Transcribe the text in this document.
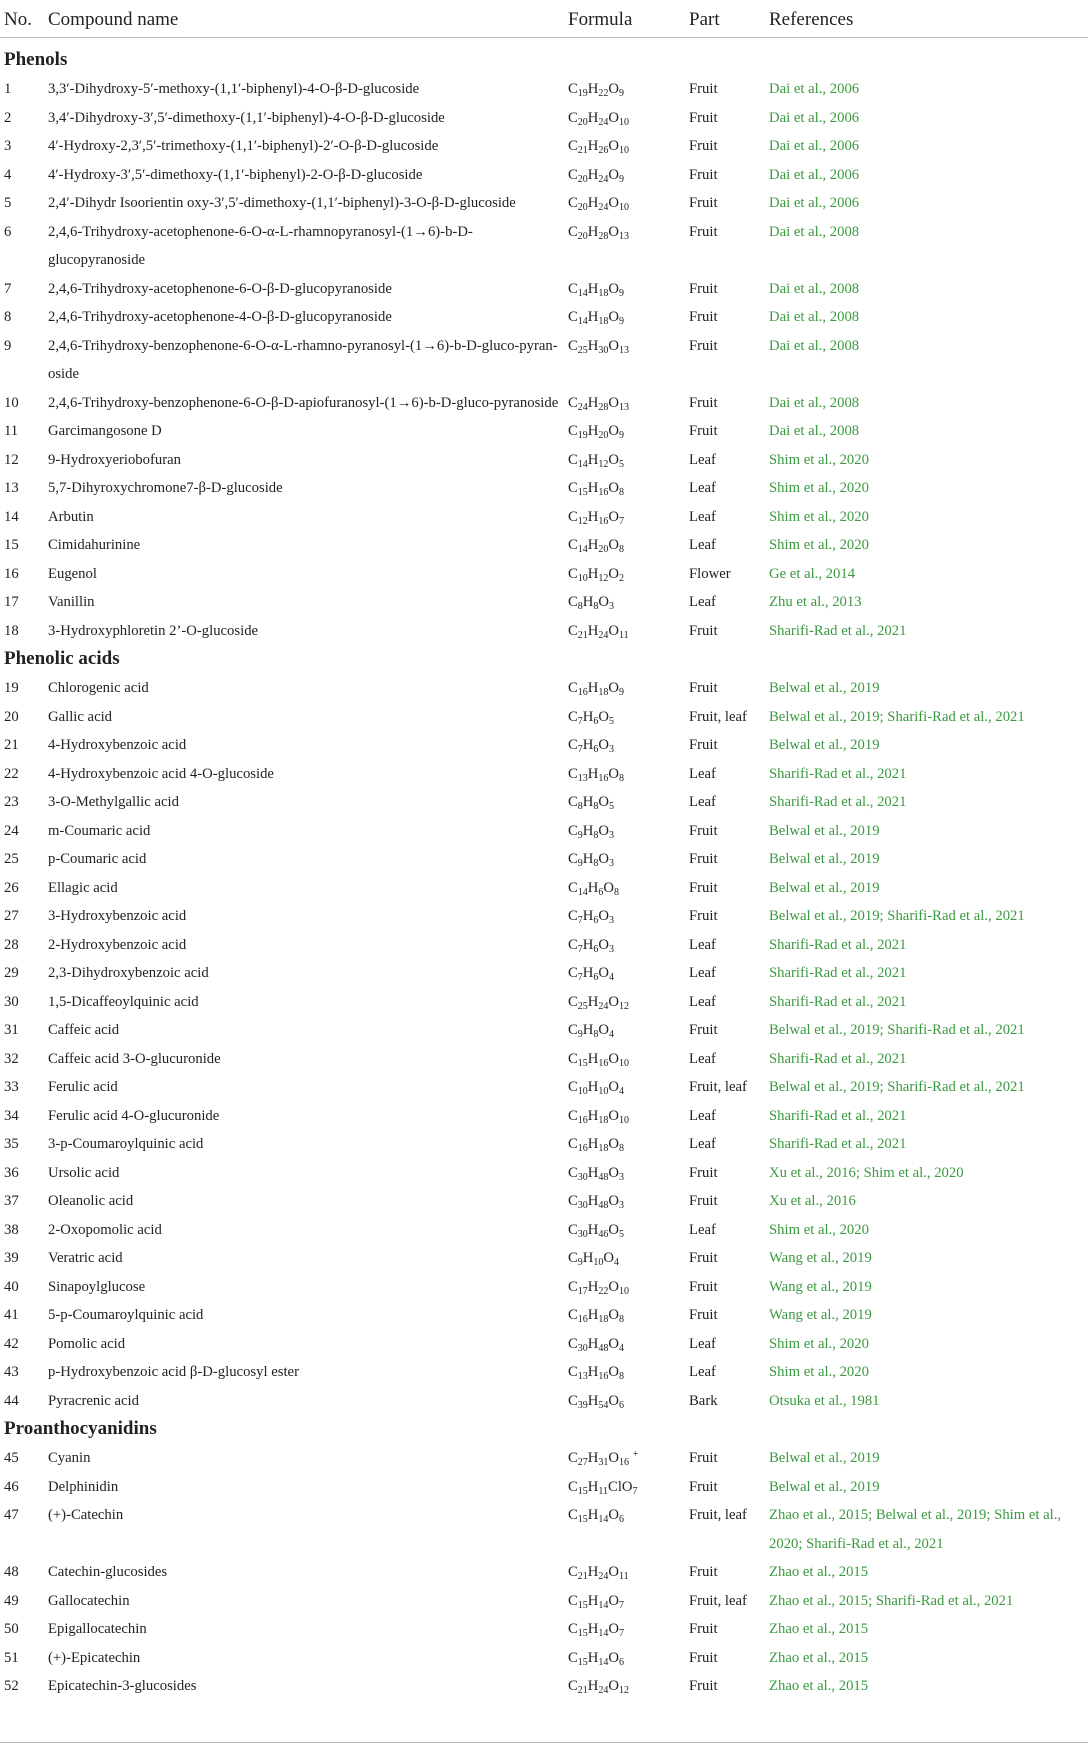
No.	Compound name	Formula	Part	References
Phenols				
1	3,3′-Dihydroxy-5′-methoxy-(1,1′-biphenyl)-4-O-β-D-glucoside	$C_{19}H_{22}O_9$	Fruit	Dai et al., 2006
2	3,4′-Dihydroxy-3′,5′-dimethoxy-(1,1′-biphenyl)-4-O-β-D-glucoside	$C_{20}H_{24}O_{10}$	Fruit	Dai et al., 2006
3	4′-Hydroxy-2,3′,5′-trimethoxy-(1,1′-biphenyl)-2′-O-β-D-glucoside	$C_{21}H_{26}O_{10}$	Fruit	Dai et al., 2006
4	4′-Hydroxy-3′,5′-dimethoxy-(1,1′-biphenyl)-2-O-β-D-glucoside	$C_{20}H_{24}O_9$	Fruit	Dai et al., 2006
5	2,4′-Dihydr Isoorientin oxy-3′,5′-dimethoxy-(1,1′-biphenyl)-3-O-β-D-glucoside	$C_{20}H_{24}O_{10}$	Fruit	Dai et al., 2006
6	2,4,6-Trihydroxy-acetophenone-6-O-α-L-rhamnopyranosyl-(1→6)-b-D-glucopyranoside	$C_{20}H_{28}O_{13}$	Fruit	Dai et al., 2008
7	2,4,6-Trihydroxy-acetophenone-6-O-β-D-glucopyranoside	$C_{14}H_{18}O_9$	Fruit	Dai et al., 2008
8	2,4,6-Trihydroxy-acetophenone-4-O-β-D-glucopyranoside	$C_{14}H_{18}O_9$	Fruit	Dai et al., 2008
9	2,4,6-Trihydroxy-benzophenone-6-O-α-L-rhamno-pyranosyl-(1→6)-b-D-gluco-pyran-oside	$C_{25}H_{30}O_{13}$	Fruit	Dai et al., 2008
10	2,4,6-Trihydroxy-benzophenone-6-O-β-D-apiofuranosyl-(1→6)-b-D-gluco-pyranoside	$C_{24}H_{28}O_{13}$	Fruit	Dai et al., 2008
11	Garcimangosone D	$C_{19}H_{20}O_9$	Fruit	Dai et al., 2008
12	9-Hydroxyeriobofuran	$C_{14}H_{12}O_5$	Leaf	Shim et al., 2020
13	5,7-Dihyroxychromone7-β-D-glucoside	$C_{15}H_{16}O_8$	Leaf	Shim et al., 2020
14	Arbutin	$C_{12}H_{16}O_7$	Leaf	Shim et al., 2020
15	Cimidahurinine	$C_{14}H_{20}O_8$	Leaf	Shim et al., 2020
16	Eugenol	$C_{10}H_{12}O_2$	Flower	Ge et al., 2014
17	Vanillin	$C_8H_8O_3$	Leaf	Zhu et al., 2013
18	3-Hydroxyphloretin 2’-O-glucoside	$C_{21}H_{24}O_{11}$	Fruit	Sharifi-Rad et al., 2021
Phenolic acids				
19	Chlorogenic acid	$C_{16}H_{18}O_9$	Fruit	Belwal et al., 2019
20	Gallic acid	$C_7H_6O_5$	Fruit, leaf	Belwal et al., 2019; Sharifi-Rad et al., 2021
21	4-Hydroxybenzoic acid	$C_7H_6O_3$	Fruit	Belwal et al., 2019
22	4-Hydroxybenzoic acid 4-O-glucoside	$C_{13}H_{16}O_8$	Leaf	Sharifi-Rad et al., 2021
23	3-O-Methylgallic acid	$C_8H_8O_5$	Leaf	Sharifi-Rad et al., 2021
24	m-Coumaric acid	$C_9H_8O_3$	Fruit	Belwal et al., 2019
25	p-Coumaric acid	$C_9H_8O_3$	Fruit	Belwal et al., 2019
26	Ellagic acid	$C_{14}H_6O_8$	Fruit	Belwal et al., 2019
27	3-Hydroxybenzoic acid	$C_7H_6O_3$	Fruit	Belwal et al., 2019; Sharifi-Rad et al., 2021
28	2-Hydroxybenzoic acid	$C_7H_6O_3$	Leaf	Sharifi-Rad et al., 2021
29	2,3-Dihydroxybenzoic acid	$C_7H_6O_4$	Leaf	Sharifi-Rad et al., 2021
30	1,5-Dicaffeoylquinic acid	$C_{25}H_{24}O_{12}$	Leaf	Sharifi-Rad et al., 2021
31	Caffeic acid	$C_9H_8O_4$	Fruit	Belwal et al., 2019; Sharifi-Rad et al., 2021
32	Caffeic acid 3-O-glucuronide	$C_{15}H_{16}O_{10}$	Leaf	Sharifi-Rad et al., 2021
33	Ferulic acid	$C_{10}H_{10}O_4$	Fruit, leaf	Belwal et al., 2019; Sharifi-Rad et al., 2021
34	Ferulic acid 4-O-glucuronide	$C_{16}H_{18}O_{10}$	Leaf	Sharifi-Rad et al., 2021
35	3-p-Coumaroylquinic acid	$C_{16}H_{18}O_8$	Leaf	Sharifi-Rad et al., 2021
36	Ursolic acid	$C_{30}H_{48}O_3$	Fruit	Xu et al., 2016; Shim et al., 2020
37	Oleanolic acid	$C_{30}H_{48}O_3$	Fruit	Xu et al., 2016
38	2-Oxopomolic acid	$C_{30}H_{46}O_5$	Leaf	Shim et al., 2020
39	Veratric acid	$C_9H_{10}O_4$	Fruit	Wang et al., 2019
40	Sinapoylglucose	$C_{17}H_{22}O_{10}$	Fruit	Wang et al., 2019
41	5-p-Coumaroylquinic acid	$C_{16}H_{18}O_8$	Fruit	Wang et al., 2019
42	Pomolic acid	$C_{30}H_{48}O_4$	Leaf	Shim et al., 2020
43	p-Hydroxybenzoic acid β-D-glucosyl ester	$C_{13}H_{16}O_8$	Leaf	Shim et al., 2020
44	Pyracrenic acid	$C_{39}H_{54}O_6$	Bark	Otsuka et al., 1981
Proanthocyanidins				
45	Cyanin	$C_{27}H_{31}O_{16}$ +	Fruit	Belwal et al., 2019
46	Delphinidin	$C_{15}H_{11}ClO_7$	Fruit	Belwal et al., 2019
47	(+)-Catechin	$C_{15}H_{14}O_6$	Fruit, leaf	Zhao et al., 2015; Belwal et al., 2019; Shim et al., 2020; Sharifi-Rad et al., 2021
48	Catechin-glucosides	$C_{21}H_{24}O_{11}$	Fruit	Zhao et al., 2015
49	Gallocatechin	$C_{15}H_{14}O_7$	Fruit, leaf	Zhao et al., 2015; Sharifi-Rad et al., 2021
50	Epigallocatechin	$C_{15}H_{14}O_7$	Fruit	Zhao et al., 2015
51	(+)-Epicatechin	$C_{15}H_{14}O_6$	Fruit	Zhao et al., 2015
52	Epicatechin-3-glucosides	$C_{21}H_{24}O_{12}$	Fruit	Zhao et al., 2015
